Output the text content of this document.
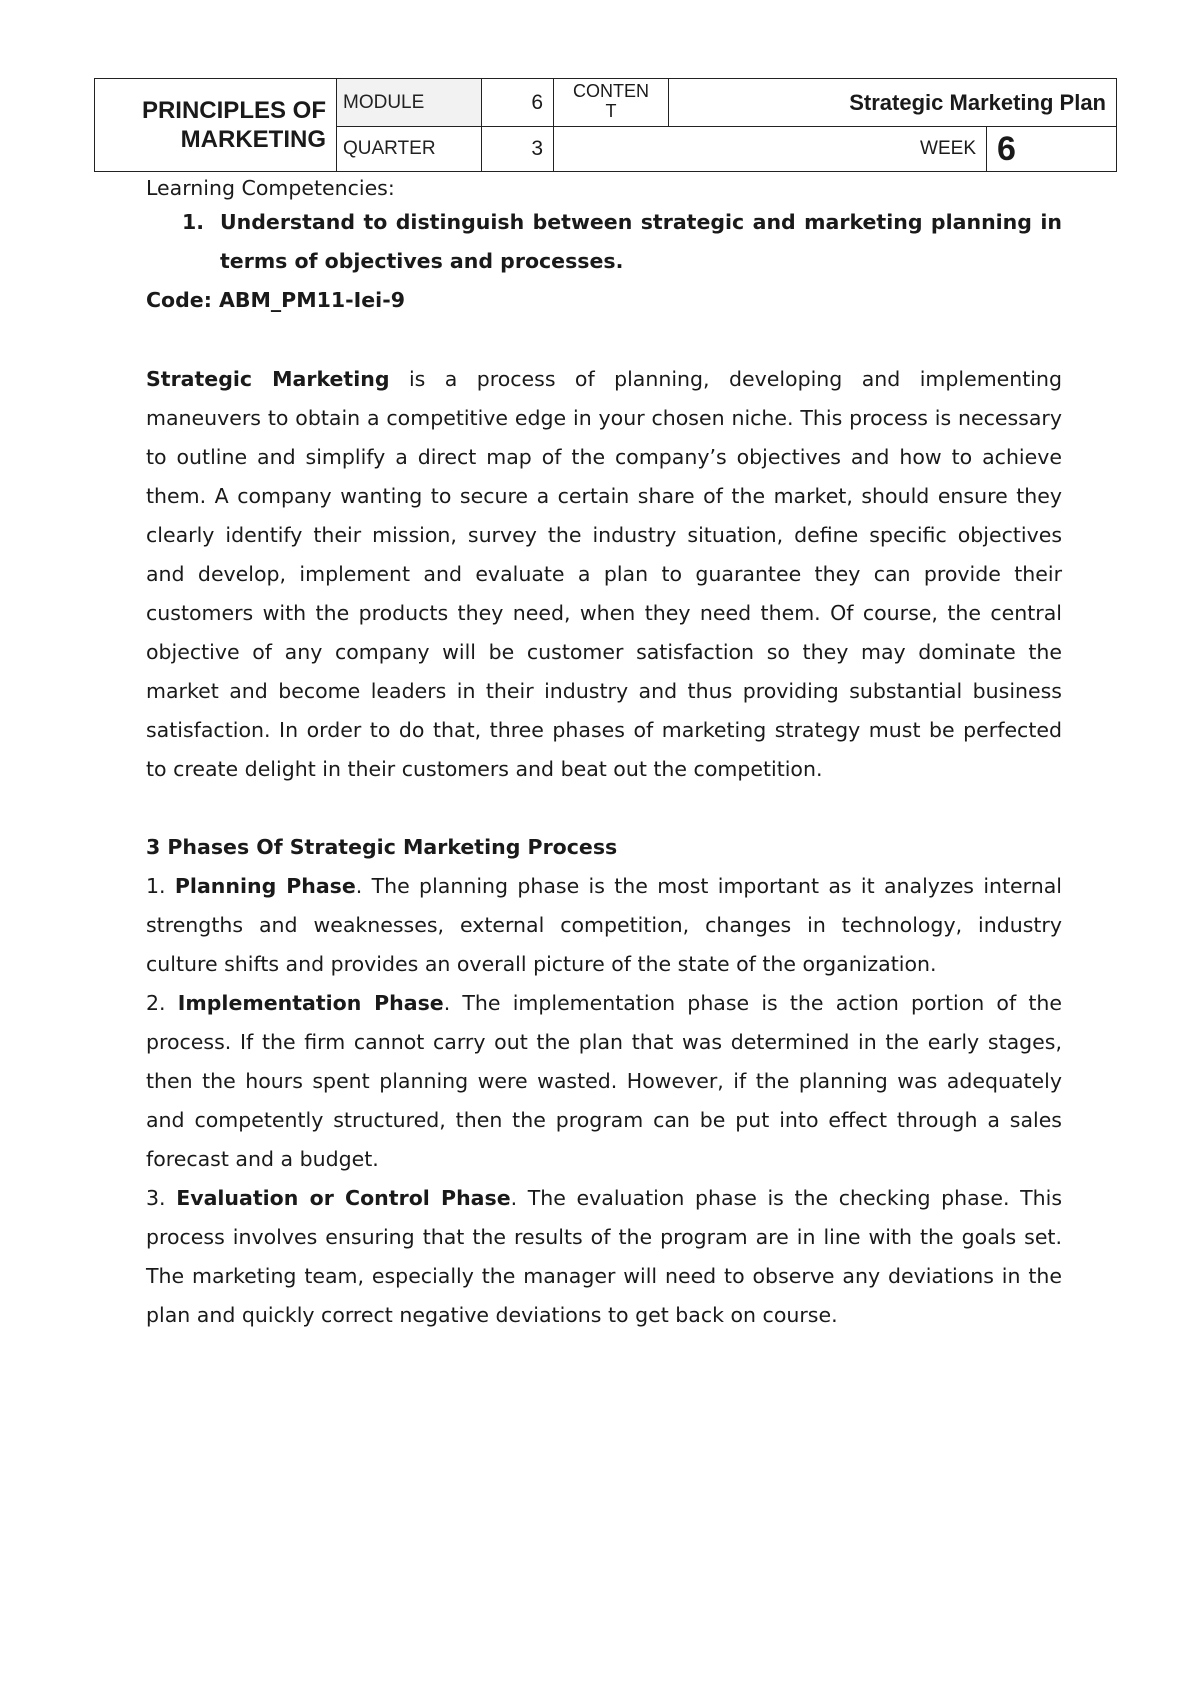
PRINCIPLES OF MARKETING	MODULE	6	CONTEN
T	Strategic Marketing Plan	
	QUARTER	3	WEEK		6

Learning Competencies:

1. Understand to distinguish between strategic and marketing planning in terms of objectives and processes.

Code: ABM_PM11-Iei-9

Strategic Marketing is a process of planning, developing and implementing maneuvers to obtain a competitive edge in your chosen niche. This process is necessary to outline and simplify a direct map of the company’s objectives and how to achieve them. A company wanting to secure a certain share of the market, should ensure they clearly identify their mission, survey the industry situation, define specific objectives and develop, implement and evaluate a plan to guarantee they can provide their customers with the products they need, when they need them. Of course, the central objective of any company will be customer satisfaction so they may dominate the market and become leaders in their industry and thus providing substantial business satisfaction. In order to do that, three phases of marketing strategy must be perfected to create delight in their customers and beat out the competition.

3 Phases Of Strategic Marketing Process

1. Planning Phase. The planning phase is the most important as it analyzes internal strengths and weaknesses, external competition, changes in technology, industry culture shifts and provides an overall picture of the state of the organization.

2. Implementation Phase. The implementation phase is the action portion of the process. If the firm cannot carry out the plan that was determined in the early stages, then the hours spent planning were wasted. However, if the planning was adequately and competently structured, then the program can be put into effect through a sales forecast and a budget.

3. Evaluation or Control Phase. The evaluation phase is the checking phase. This process involves ensuring that the results of the program are in line with the goals set. The marketing team, especially the manager will need to observe any deviations in the plan and quickly correct negative deviations to get back on course.
